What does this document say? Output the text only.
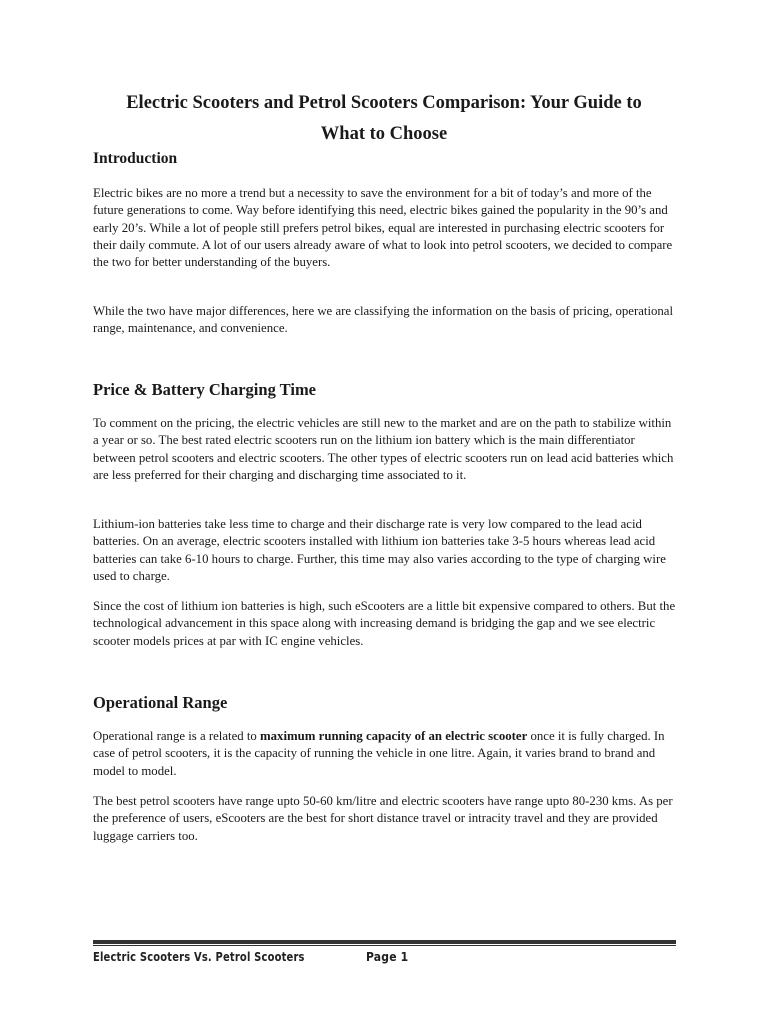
Electric Scooters and Petrol Scooters Comparison: Your Guide to
What to Choose
Introduction

Electric bikes are no more a trend but a necessity to save the environment for a bit of today’s and more of the future generations to come. Way before identifying this need, electric bikes gained the popularity in the 90’s and early 20’s. While a lot of people still prefers petrol bikes, equal are interested in purchasing electric scooters for their daily commute. A lot of our users already aware of what to look into petrol scooters, we decided to compare the two for better understanding of the buyers.

While the two have major differences, here we are classifying the information on the basis of pricing, operational range, maintenance, and convenience.

Price & Battery Charging Time

To comment on the pricing, the electric vehicles are still new to the market and are on the path to stabilize within a year or so. The best rated electric scooters run on the lithium ion battery which is the main differentiator between petrol scooters and electric scooters. The other types of electric scooters run on lead acid batteries which are less preferred for their charging and discharging time associated to it.

Lithium-ion batteries take less time to charge and their discharge rate is very low compared to the lead acid batteries. On an average, electric scooters installed with lithium ion batteries take 3-5 hours whereas lead acid batteries can take 6-10 hours to charge. Further, this time may also varies according to the type of charging wire used to charge.

Since the cost of lithium ion batteries is high, such eScooters are a little bit expensive compared to others. But the technological advancement in this space along with increasing demand is bridging the gap and we see electric scooter models prices at par with IC engine vehicles.

Operational Range

Operational range is a related to maximum running capacity of an electric scooter once it is fully charged. In case of petrol scooters, it is the capacity of running the vehicle in one litre. Again, it varies brand to brand and model to model.

The best petrol scooters have range upto 50-60 km/litre and electric scooters have range upto 80-230 kms. As per the preference of users, eScooters are the best for short distance travel or intracity travel and they are provided luggage carriers too.

Electric Scooters Vs. Petrol Scooters	Page 1
